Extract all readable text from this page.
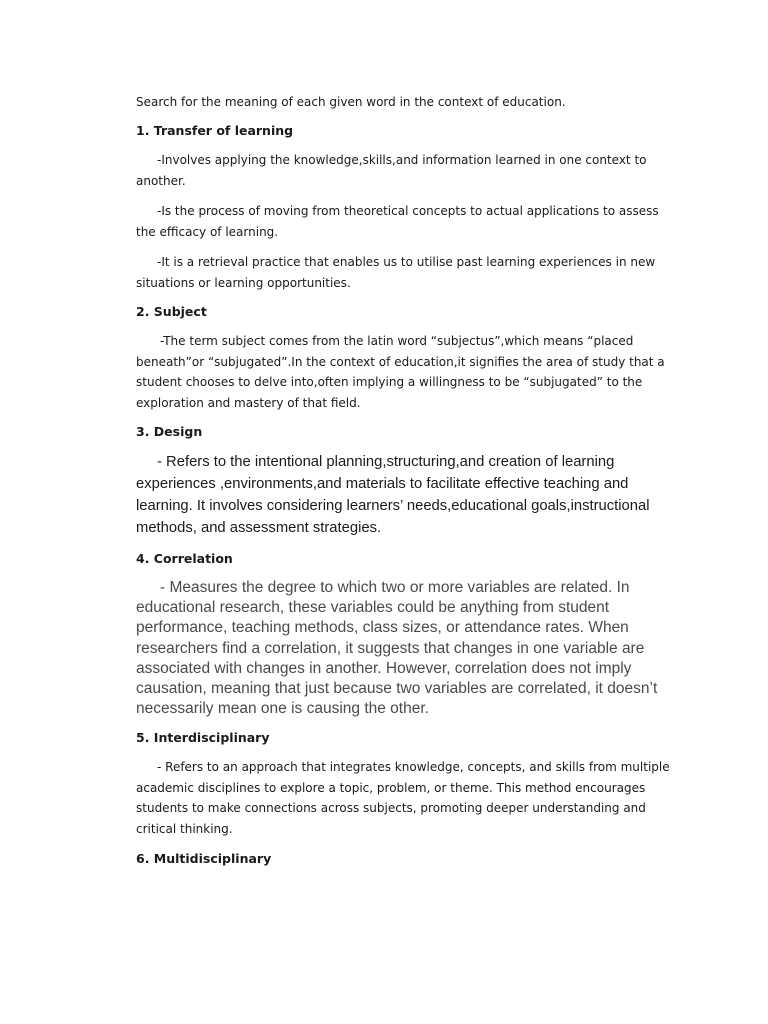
Search for the meaning of each given word in the context of education.

1. Transfer of learning

-Involves applying the knowledge,skills,and information learned in one context to another.

-Is the process of moving from theoretical concepts to actual applications to assess the efficacy of learning.

-It is a retrieval practice that enables us to utilise past learning experiences in new situations or learning opportunities.

2. Subject

-The term subject comes from the latin word “subjectus”,which means “placed beneath”or “subjugated”.In the context of education,it signifies the area of study that a student chooses to delve into,often implying a willingness to be “subjugated” to the exploration and mastery of that field.

3. Design

- Refers to the intentional planning,structuring,and creation of learning experiences ,environments,and materials to facilitate effective teaching and learning. It involves considering learners’ needs,educational goals,instructional methods, and assessment strategies.

4. Correlation

- Measures the degree to which two or more variables are related. In educational research, these variables could be anything from student performance, teaching methods, class sizes, or attendance rates. When researchers find a correlation, it suggests that changes in one variable are associated with changes in another. However, correlation does not imply causation, meaning that just because two variables are correlated, it doesn’t necessarily mean one is causing the other.

5. Interdisciplinary

- Refers to an approach that integrates knowledge, concepts, and skills from multiple academic disciplines to explore a topic, problem, or theme. This method encourages students to make connections across subjects, promoting deeper understanding and critical thinking.

6. Multidisciplinary
